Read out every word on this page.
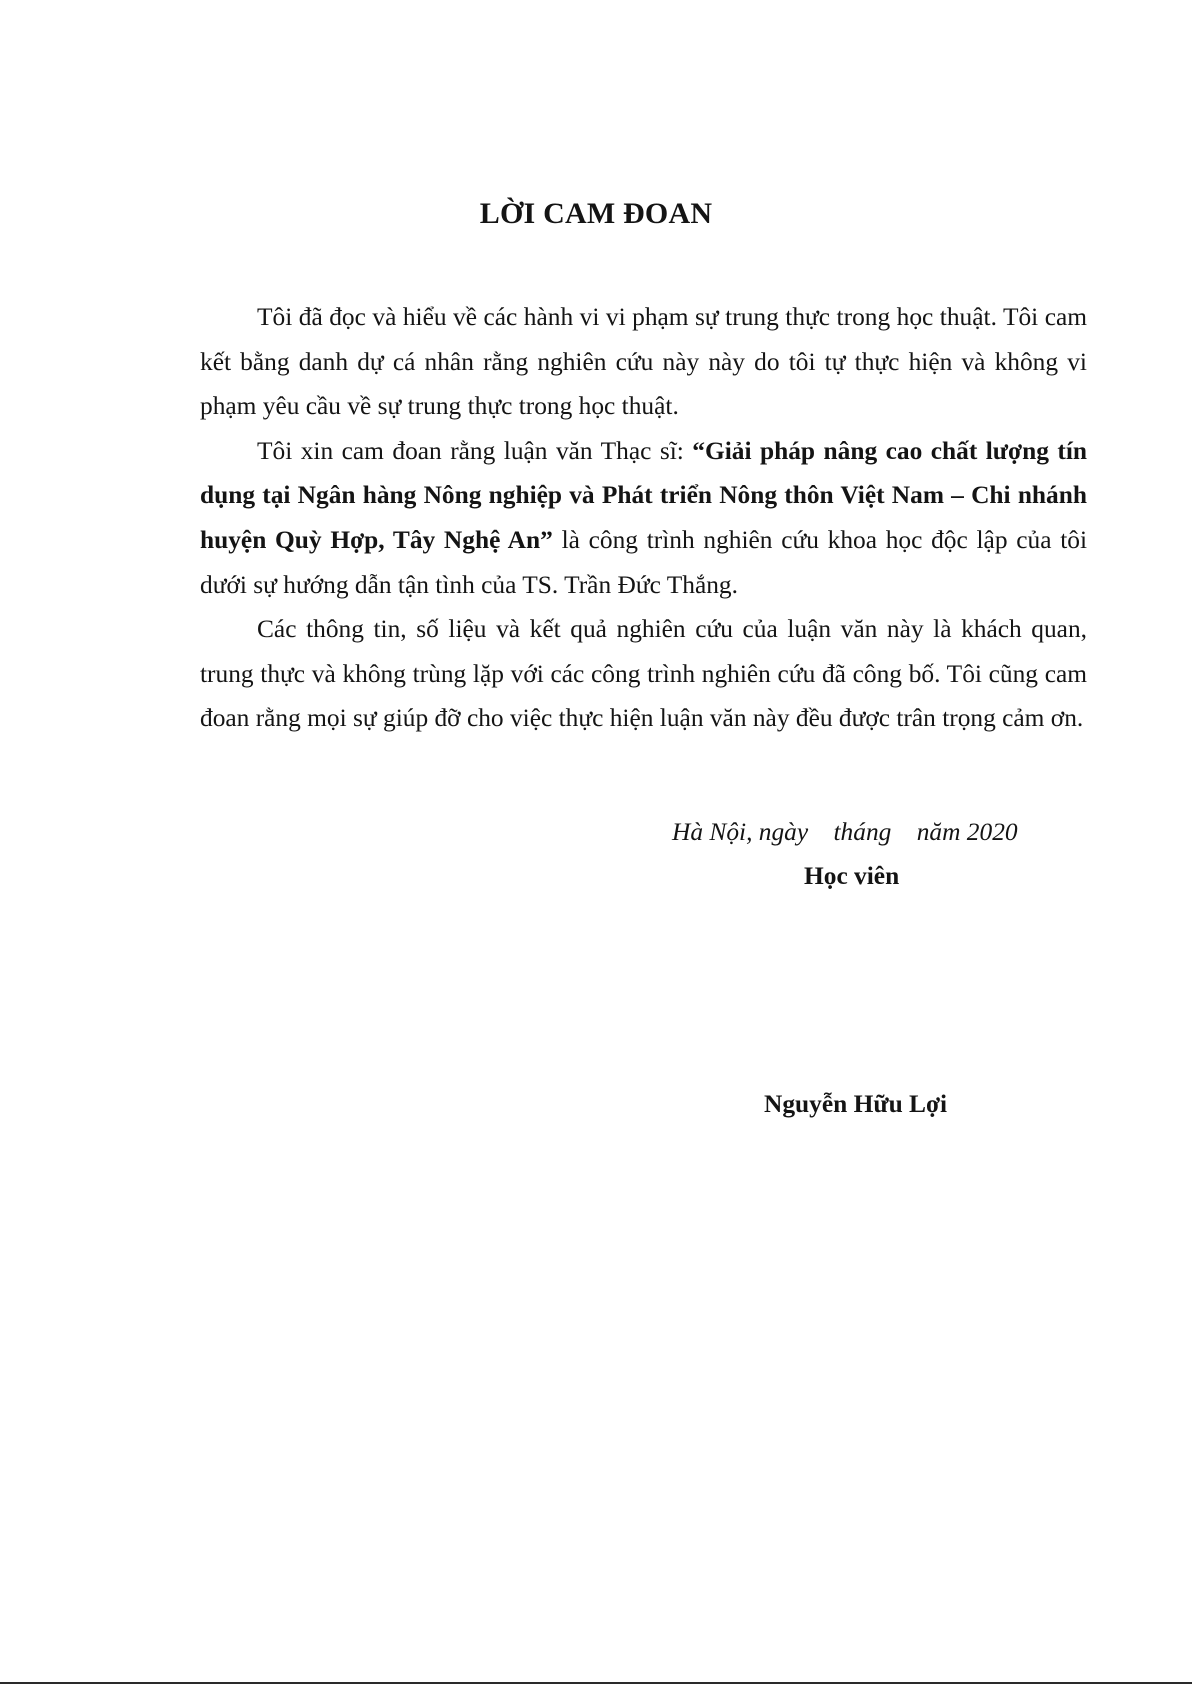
LỜI CAM ĐOAN

Tôi đã đọc và hiểu về các hành vi vi phạm sự trung thực trong học thuật. Tôi cam kết bằng danh dự cá nhân rằng nghiên cứu này này do tôi tự thực hiện và không vi phạm yêu cầu về sự trung thực trong học thuật.

Tôi xin cam đoan rằng luận văn Thạc sĩ: “Giải pháp nâng cao chất lượng tín dụng tại Ngân hàng Nông nghiệp và Phát triển Nông thôn Việt Nam – Chi nhánh huyện Quỳ Hợp, Tây Nghệ An” là công trình nghiên cứu khoa học độc lập của tôi dưới sự hướng dẫn tận tình của TS. Trần Đức Thắng.

Các thông tin, số liệu và kết quả nghiên cứu của luận văn này là khách quan, trung thực và không trùng lặp với các công trình nghiên cứu đã công bố. Tôi cũng cam đoan rằng mọi sự giúp đỡ cho việc thực hiện luận văn này đều được trân trọng cảm ơn.

Hà Nội, ngày    tháng    năm 2020

Học viên

Nguyễn Hữu Lợi
